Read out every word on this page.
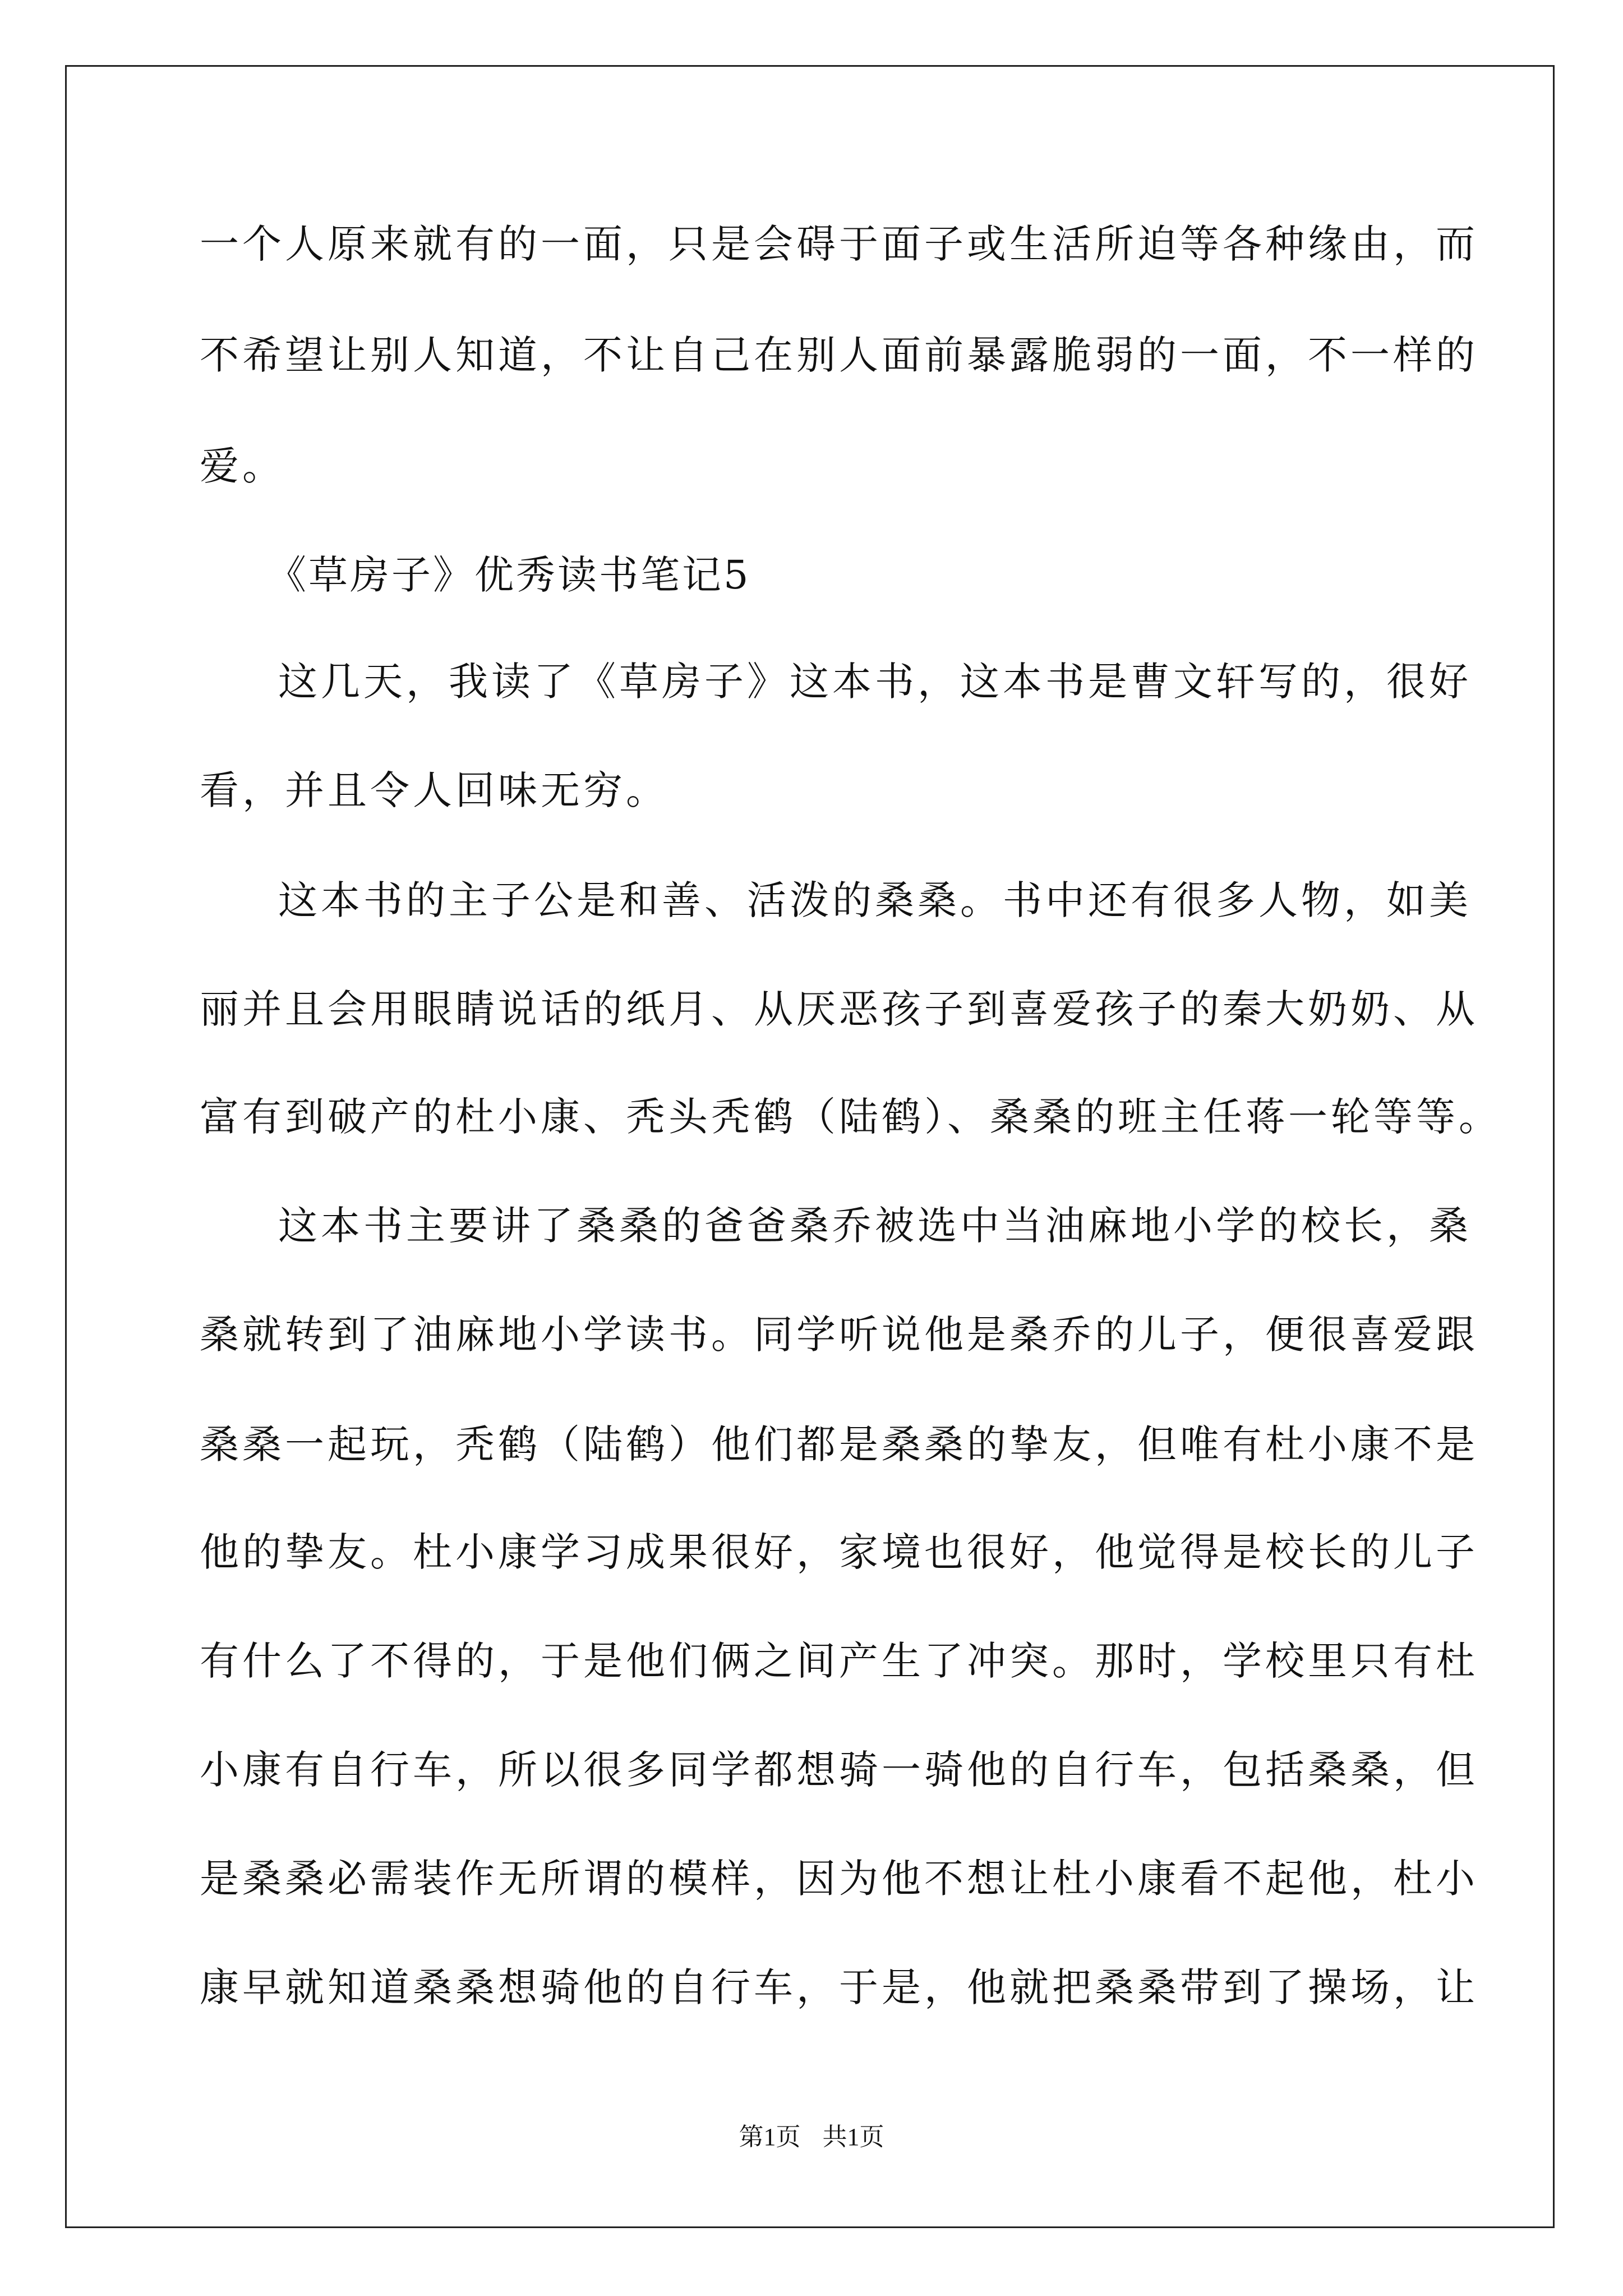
一个人原来就有的一面，只是会碍于面子或生活所迫等各种缘由，而
不希望让别人知道，不让自己在别人面前暴露脆弱的一面，不一样的
爱。
《草房子》优秀读书笔记5
这几天，我读了《草房子》这本书，这本书是曹文轩写的，很好
看，并且令人回味无穷。
这本书的主子公是和善、活泼的桑桑。书中还有很多人物，如美
丽并且会用眼睛说话的纸月、从厌恶孩子到喜爱孩子的秦大奶奶、从
富有到破产的杜小康、秃头秃鹤（陆鹤）、桑桑的班主任蒋一轮等等。
这本书主要讲了桑桑的爸爸桑乔被选中当油麻地小学的校长，桑
桑就转到了油麻地小学读书。同学听说他是桑乔的儿子，便很喜爱跟
桑桑一起玩，秃鹤（陆鹤）他们都是桑桑的挚友，但唯有杜小康不是
他的挚友。杜小康学习成果很好，家境也很好，他觉得是校长的儿子
有什么了不得的，于是他们俩之间产生了冲突。那时，学校里只有杜
小康有自行车，所以很多同学都想骑一骑他的自行车，包括桑桑，但
是桑桑必需装作无所谓的模样，因为他不想让杜小康看不起他，杜小
康早就知道桑桑想骑他的自行车，于是，他就把桑桑带到了操场，让
第1页 共1页
